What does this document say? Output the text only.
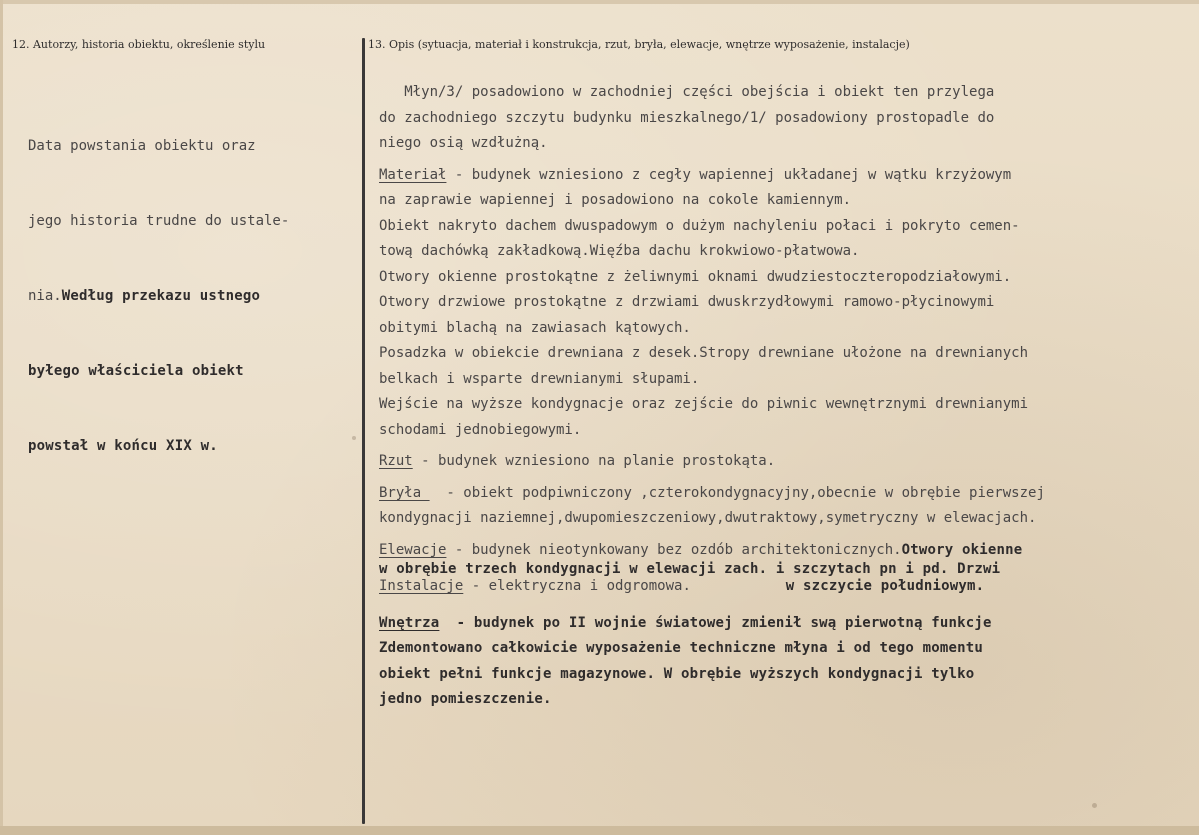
12. Autorzy, historia obiektu, określenie stylu	13. Opis (sytuacja, materiał i konstrukcja, rzut, bryła, elewacje, wnętrze wyposażenie, instalacje)

Data powstania obiektu oraz

jego historia trudne do ustale-

nia.Według przekazu ustnego

byłego właściciela obiekt

powstał w końcu XIX w.

Młyn/3/ posadowiono w zachodniej części obejścia i obiekt ten przylega
do zachodniego szczytu budynku mieszkalnego/1/ posadowiony prostopadle do
niego osią wzdłużną.
Materiał - budynek wzniesiono z cegły wapiennej układanej w wątku krzyżowym
na zaprawie wapiennej i posadowiono na cokole kamiennym.
Obiekt nakryto dachem dwuspadowym o dużym nachyleniu połaci i pokryto cemen-
tową dachówką zakładkową.Więźba dachu krokwiowo-płatwowa.
Otwory okienne prostokątne z żeliwnymi oknami dwudziestoczteropodziałowymi.
Otwory drzwiowe prostokątne z drzwiami dwuskrzydłowymi ramowo-płycinowymi
obitymi blachą na zawiasach kątowych.
Posadzka w obiekcie drewniana z desek.Stropy drewniane ułożone na drewnianych
belkach i wsparte drewnianymi słupami.
Wejście na wyższe kondygnacje oraz zejście do piwnic wewnętrznymi drewnianymi
schodami jednobiegowymi.
Rzut - budynek wzniesiono na planie prostokąta.
Bryła   - obiekt podpiwniczony ,czterokondygnacyjny,obecnie w obrębie pierwszej
kondygnacji naziemnej,dwupomieszczeniowy,dwutraktowy,symetryczny w elewacjach.
Elewacje - budynek nieotynkowany bez ozdób architektonicznych.Otwory okienne
w obrębie trzech kondygnacji w elewacji zach. i szczytach pn i pd. Drzwi
Instalacje - elektryczna i odgromowa.           w szczycie południowym.
Wnętrza  - budynek po II wojnie światowej zmienił swą pierwotną funkcje
Zdemontowano całkowicie wyposażenie techniczne młyna i od tego momentu
obiekt pełni funkcje magazynowe. W obrębie wyższych kondygnacji tylko
jedno pomieszczenie.
